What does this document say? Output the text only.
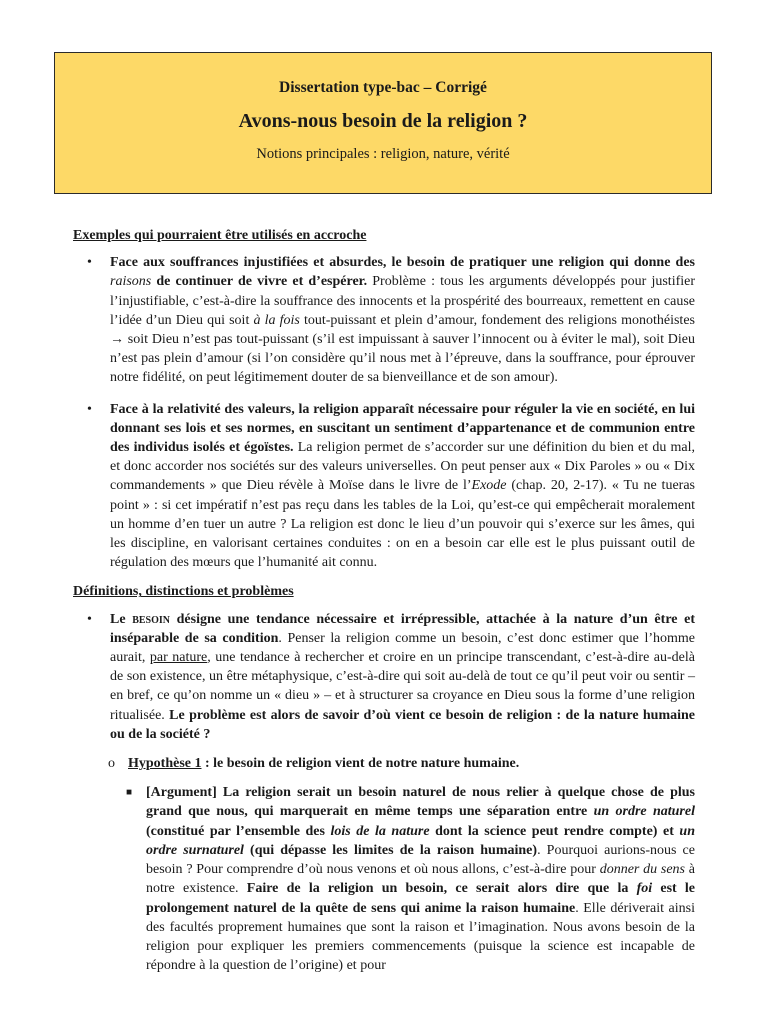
Dissertation type-bac – Corrigé
Avons-nous besoin de la religion ?
Notions principales : religion, nature, vérité

Exemples qui pourraient être utilisés en accroche

• Face aux souffrances injustifiées et absurdes, le besoin de pratiquer une religion qui donne des raisons de continuer de vivre et d’espérer. Problème : tous les arguments développés pour justifier l’injustifiable, c’est-à-dire la souffrance des innocents et la prospérité des bourreaux, remettent en cause l’idée d’un Dieu qui soit à la fois tout-puissant et plein d’amour, fondement des religions monothéistes → soit Dieu n’est pas tout-puissant (s’il est impuissant à sauver l’innocent ou à éviter le mal), soit Dieu n’est pas plein d’amour (si l’on considère qu’il nous met à l’épreuve, dans la souffrance, pour éprouver notre fidélité, on peut légitimement douter de sa bienveillance et de son amour).
• Face à la relativité des valeurs, la religion apparaît nécessaire pour réguler la vie en société, en lui donnant ses lois et ses normes, en suscitant un sentiment d’appartenance et de communion entre des individus isolés et égoïstes. La religion permet de s’accorder sur une définition du bien et du mal, et donc accorder nos sociétés sur des valeurs universelles. On peut penser aux « Dix Paroles » ou « Dix commandements » que Dieu révèle à Moïse dans le livre de l’Exode (chap. 20, 2-17). « Tu ne tueras point » : si cet impératif n’est pas reçu dans les tables de la Loi, qu’est-ce qui empêcherait moralement un homme d’en tuer un autre ? La religion est donc le lieu d’un pouvoir qui s’exerce sur les âmes, qui les discipline, en valorisant certaines conduites : on en a besoin car elle est le plus puissant outil de régulation des mœurs que l’humanité ait connu.

Définitions, distinctions et problèmes

• Le besoin désigne une tendance nécessaire et irrépressible, attachée à la nature d’un être et inséparable de sa condition. Penser la religion comme un besoin, c’est donc estimer que l’homme aurait, par nature, une tendance à rechercher et croire en un principe transcendant, c’est-à-dire au-delà de son existence, un être métaphysique, c’est-à-dire qui soit au-delà de tout ce qu’il peut voir ou sentir – en bref, ce qu’on nomme un « dieu » – et à structurer sa croyance en Dieu sous la forme d’une religion ritualisée. Le problème est alors de savoir d’où vient ce besoin de religion : de la nature humaine ou de la société ?
o Hypothèse 1 : le besoin de religion vient de notre nature humaine.
■ [Argument] La religion serait un besoin naturel de nous relier à quelque chose de plus grand que nous, qui marquerait en même temps une séparation entre un ordre naturel (constitué par l’ensemble des lois de la nature dont la science peut rendre compte) et un ordre surnaturel (qui dépasse les limites de la raison humaine). Pourquoi aurions-nous ce besoin ? Pour comprendre d’où nous venons et où nous allons, c’est-à-dire pour donner du sens à notre existence. Faire de la religion un besoin, ce serait alors dire que la foi est le prolongement naturel de la quête de sens qui anime la raison humaine. Elle dériverait ainsi des facultés proprement humaines que sont la raison et l’imagination. Nous avons besoin de la religion pour expliquer les premiers commencements (puisque la science est incapable de répondre à la question de l’origine) et pour
